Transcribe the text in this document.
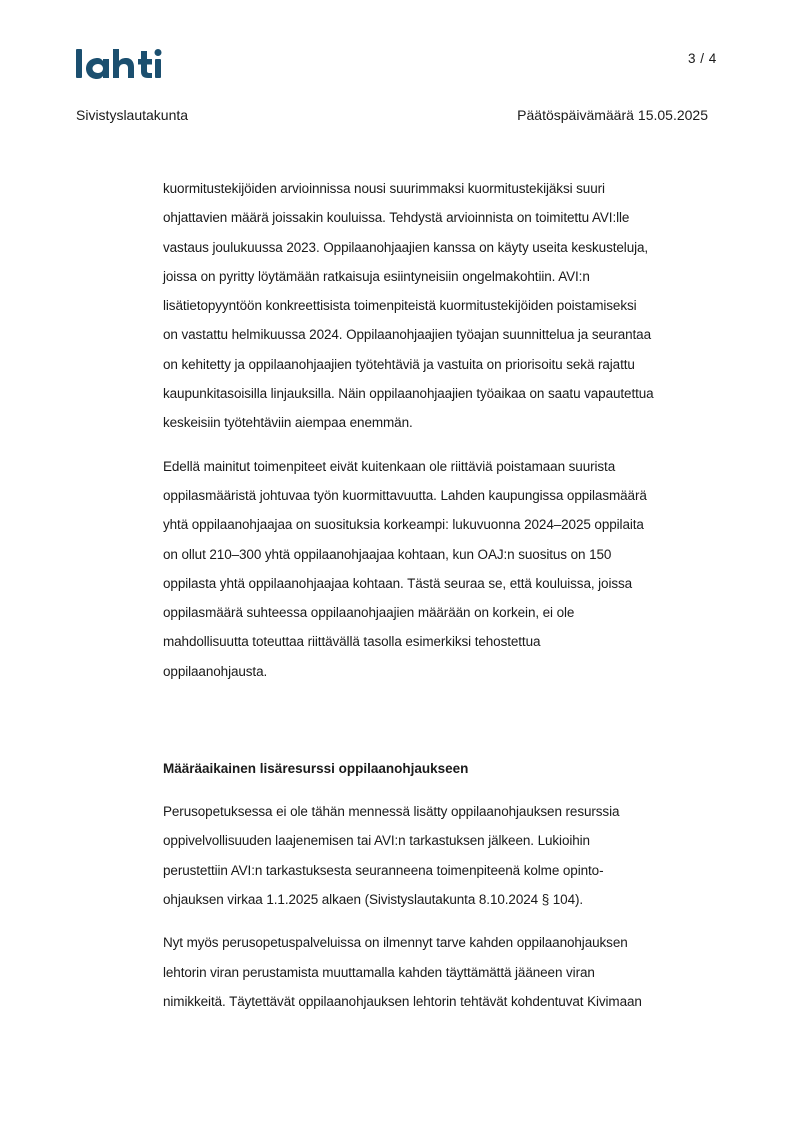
3 / 4
Sivistyslautakunta	Päätöspäivämäärä 15.05.2025

kuormitustekijöiden arvioinnissa nousi suurimmaksi kuormitustekijäksi suuri
ohjattavien määrä joissakin kouluissa. Tehdystä arvioinnista on toimitettu AVI:lle
vastaus joulukuussa 2023. Oppilaanohjaajien kanssa on käyty useita keskusteluja,
joissa on pyritty löytämään ratkaisuja esiintyneisiin ongelmakohtiin. AVI:n
lisätietopyyntöön konkreettisista toimenpiteistä kuormitustekijöiden poistamiseksi
on vastattu helmikuussa 2024. Oppilaanohjaajien työajan suunnittelua ja seurantaa
on kehitetty ja oppilaanohjaajien työtehtäviä ja vastuita on priorisoitu sekä rajattu
kaupunkitasoisilla linjauksilla. Näin oppilaanohjaajien työaikaa on saatu vapautettua
keskeisiin työtehtäviin aiempaa enemmän.

Edellä mainitut toimenpiteet eivät kuitenkaan ole riittäviä poistamaan suurista
oppilasmääristä johtuvaa työn kuormittavuutta. Lahden kaupungissa oppilasmäärä
yhtä oppilaanohjaajaa on suosituksia korkeampi: lukuvuonna 2024–2025 oppilaita
on ollut 210–300 yhtä oppilaanohjaajaa kohtaan, kun OAJ:n suositus on 150
oppilasta yhtä oppilaanohjaajaa kohtaan. Tästä seuraa se, että kouluissa, joissa
oppilasmäärä suhteessa oppilaanohjaajien määrään on korkein, ei ole
mahdollisuutta toteuttaa riittävällä tasolla esimerkiksi tehostettua
oppilaanohjausta.

Määräaikainen lisäresurssi oppilaanohjaukseen

Perusopetuksessa ei ole tähän mennessä lisätty oppilaanohjauksen resurssia
oppivelvollisuuden laajenemisen tai AVI:n tarkastuksen jälkeen. Lukioihin
perustettiin AVI:n tarkastuksesta seuranneena toimenpiteenä kolme opinto-
ohjauksen virkaa 1.1.2025 alkaen (Sivistyslautakunta 8.10.2024 § 104).

Nyt myös perusopetuspalveluissa on ilmennyt tarve kahden oppilaanohjauksen
lehtorin viran perustamista muuttamalla kahden täyttämättä jääneen viran
nimikkeitä. Täytettävät oppilaanohjauksen lehtorin tehtävät kohdentuvat Kivimaan
